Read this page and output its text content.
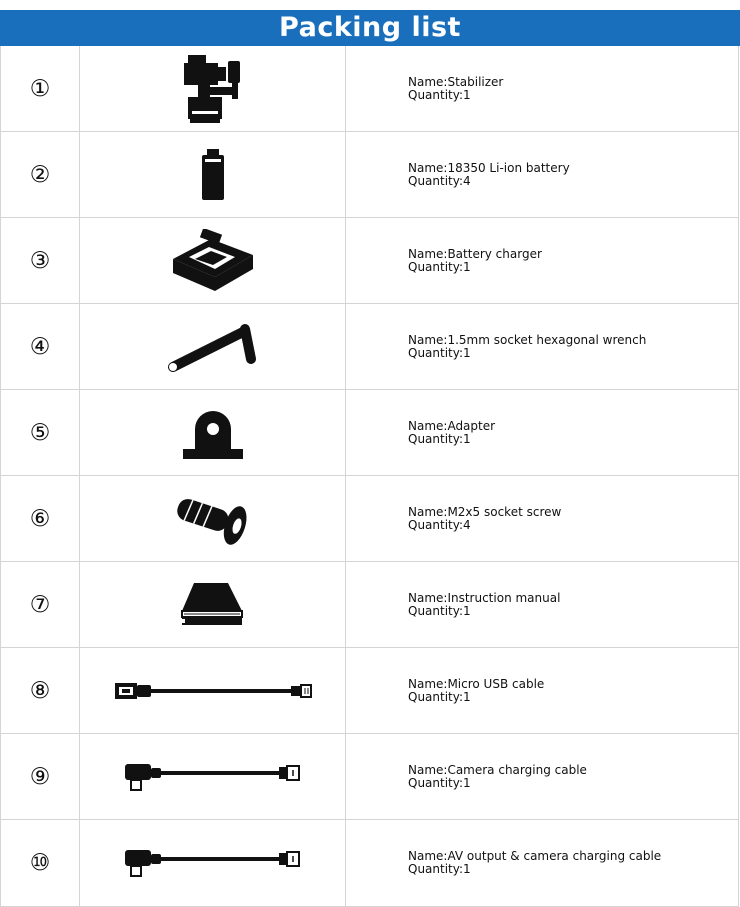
Packing list
①	Name:Stabilizer
Quantity:1
②	Name:18350 Li-ion battery
Quantity:4
③	Name:Battery charger
Quantity:1
④	Name:1.5mm socket hexagonal wrench
Quantity:1
⑤	Name:Adapter
Quantity:1
⑥	Name:M2x5 socket screw
Quantity:4
⑦	Name:Instruction manual
Quantity:1
⑧	Name:Micro USB cable
Quantity:1
⑨	Name:Camera charging cable
Quantity:1
⑩	Name:AV output & camera charging cable
Quantity:1
